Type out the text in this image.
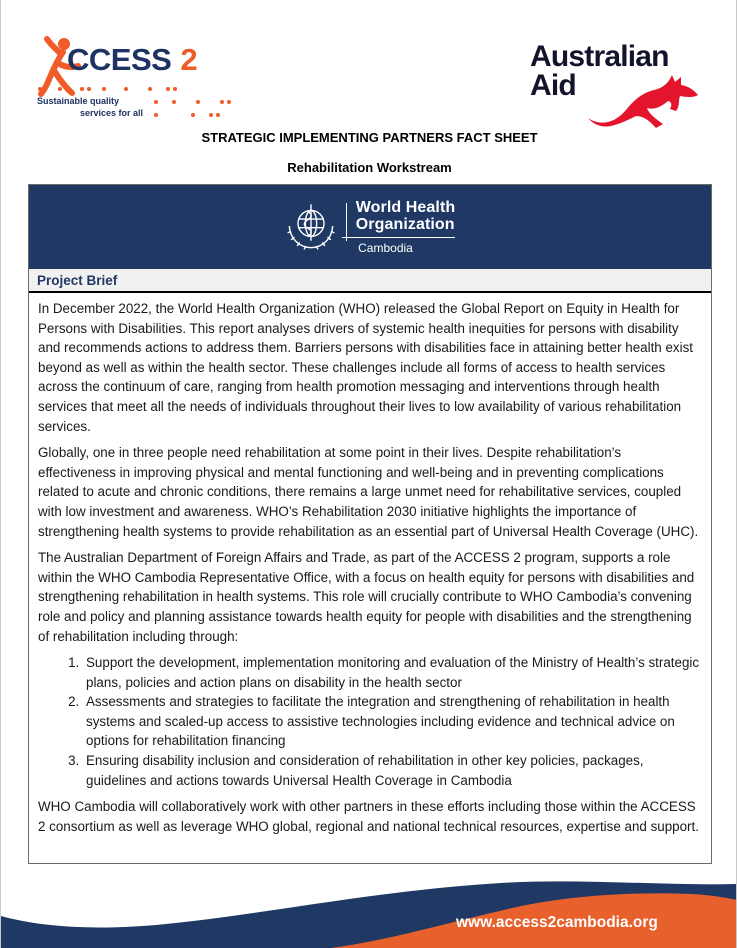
CCESS 2
Sustainable quality
services for all
Australian
Aid
STRATEGIC IMPLEMENTING PARTNERS FACT SHEET
Rehabilitation Workstream
World Health
Organization
Cambodia
Project Brief

In December 2022, the World Health Organization (WHO) released the Global Report on Equity in Health for Persons with Disabilities. This report analyses drivers of systemic health inequities for persons with disability and recommends actions to address them. Barriers persons with disabilities face in attaining better health exist beyond as well as within the health sector. These challenges include all forms of access to health services across the continuum of care, ranging from health promotion messaging and interventions through health services that meet all the needs of individuals throughout their lives to low availability of various rehabilitation services.

Globally, one in three people need rehabilitation at some point in their lives. Despite rehabilitation’s effectiveness in improving physical and mental functioning and well-being and in preventing complications related to acute and chronic conditions, there remains a large unmet need for rehabilitative services, coupled with low investment and awareness. WHO’s Rehabilitation 2030 initiative highlights the importance of strengthening health systems to provide rehabilitation as an essential part of Universal Health Coverage (UHC).

The Australian Department of Foreign Affairs and Trade, as part of the ACCESS 2 program, supports a role within the WHO Cambodia Representative Office, with a focus on health equity for persons with disabilities and strengthening rehabilitation in health systems. This role will crucially contribute to WHO Cambodia’s convening role and policy and planning assistance towards health equity for people with disabilities and the strengthening of rehabilitation including through:

1. Support the development, implementation monitoring and evaluation of the Ministry of Health’s strategic plans, policies and action plans on disability in the health sector
2. Assessments and strategies to facilitate the integration and strengthening of rehabilitation in health systems and scaled-up access to assistive technologies including evidence and technical advice on options for rehabilitation financing
3. Ensuring disability inclusion and consideration of rehabilitation in other key policies, packages, guidelines and actions towards Universal Health Coverage in Cambodia

WHO Cambodia will collaboratively work with other partners in these efforts including those within the ACCESS 2 consortium as well as leverage WHO global, regional and national technical resources, expertise and support.

www.access2cambodia.org
